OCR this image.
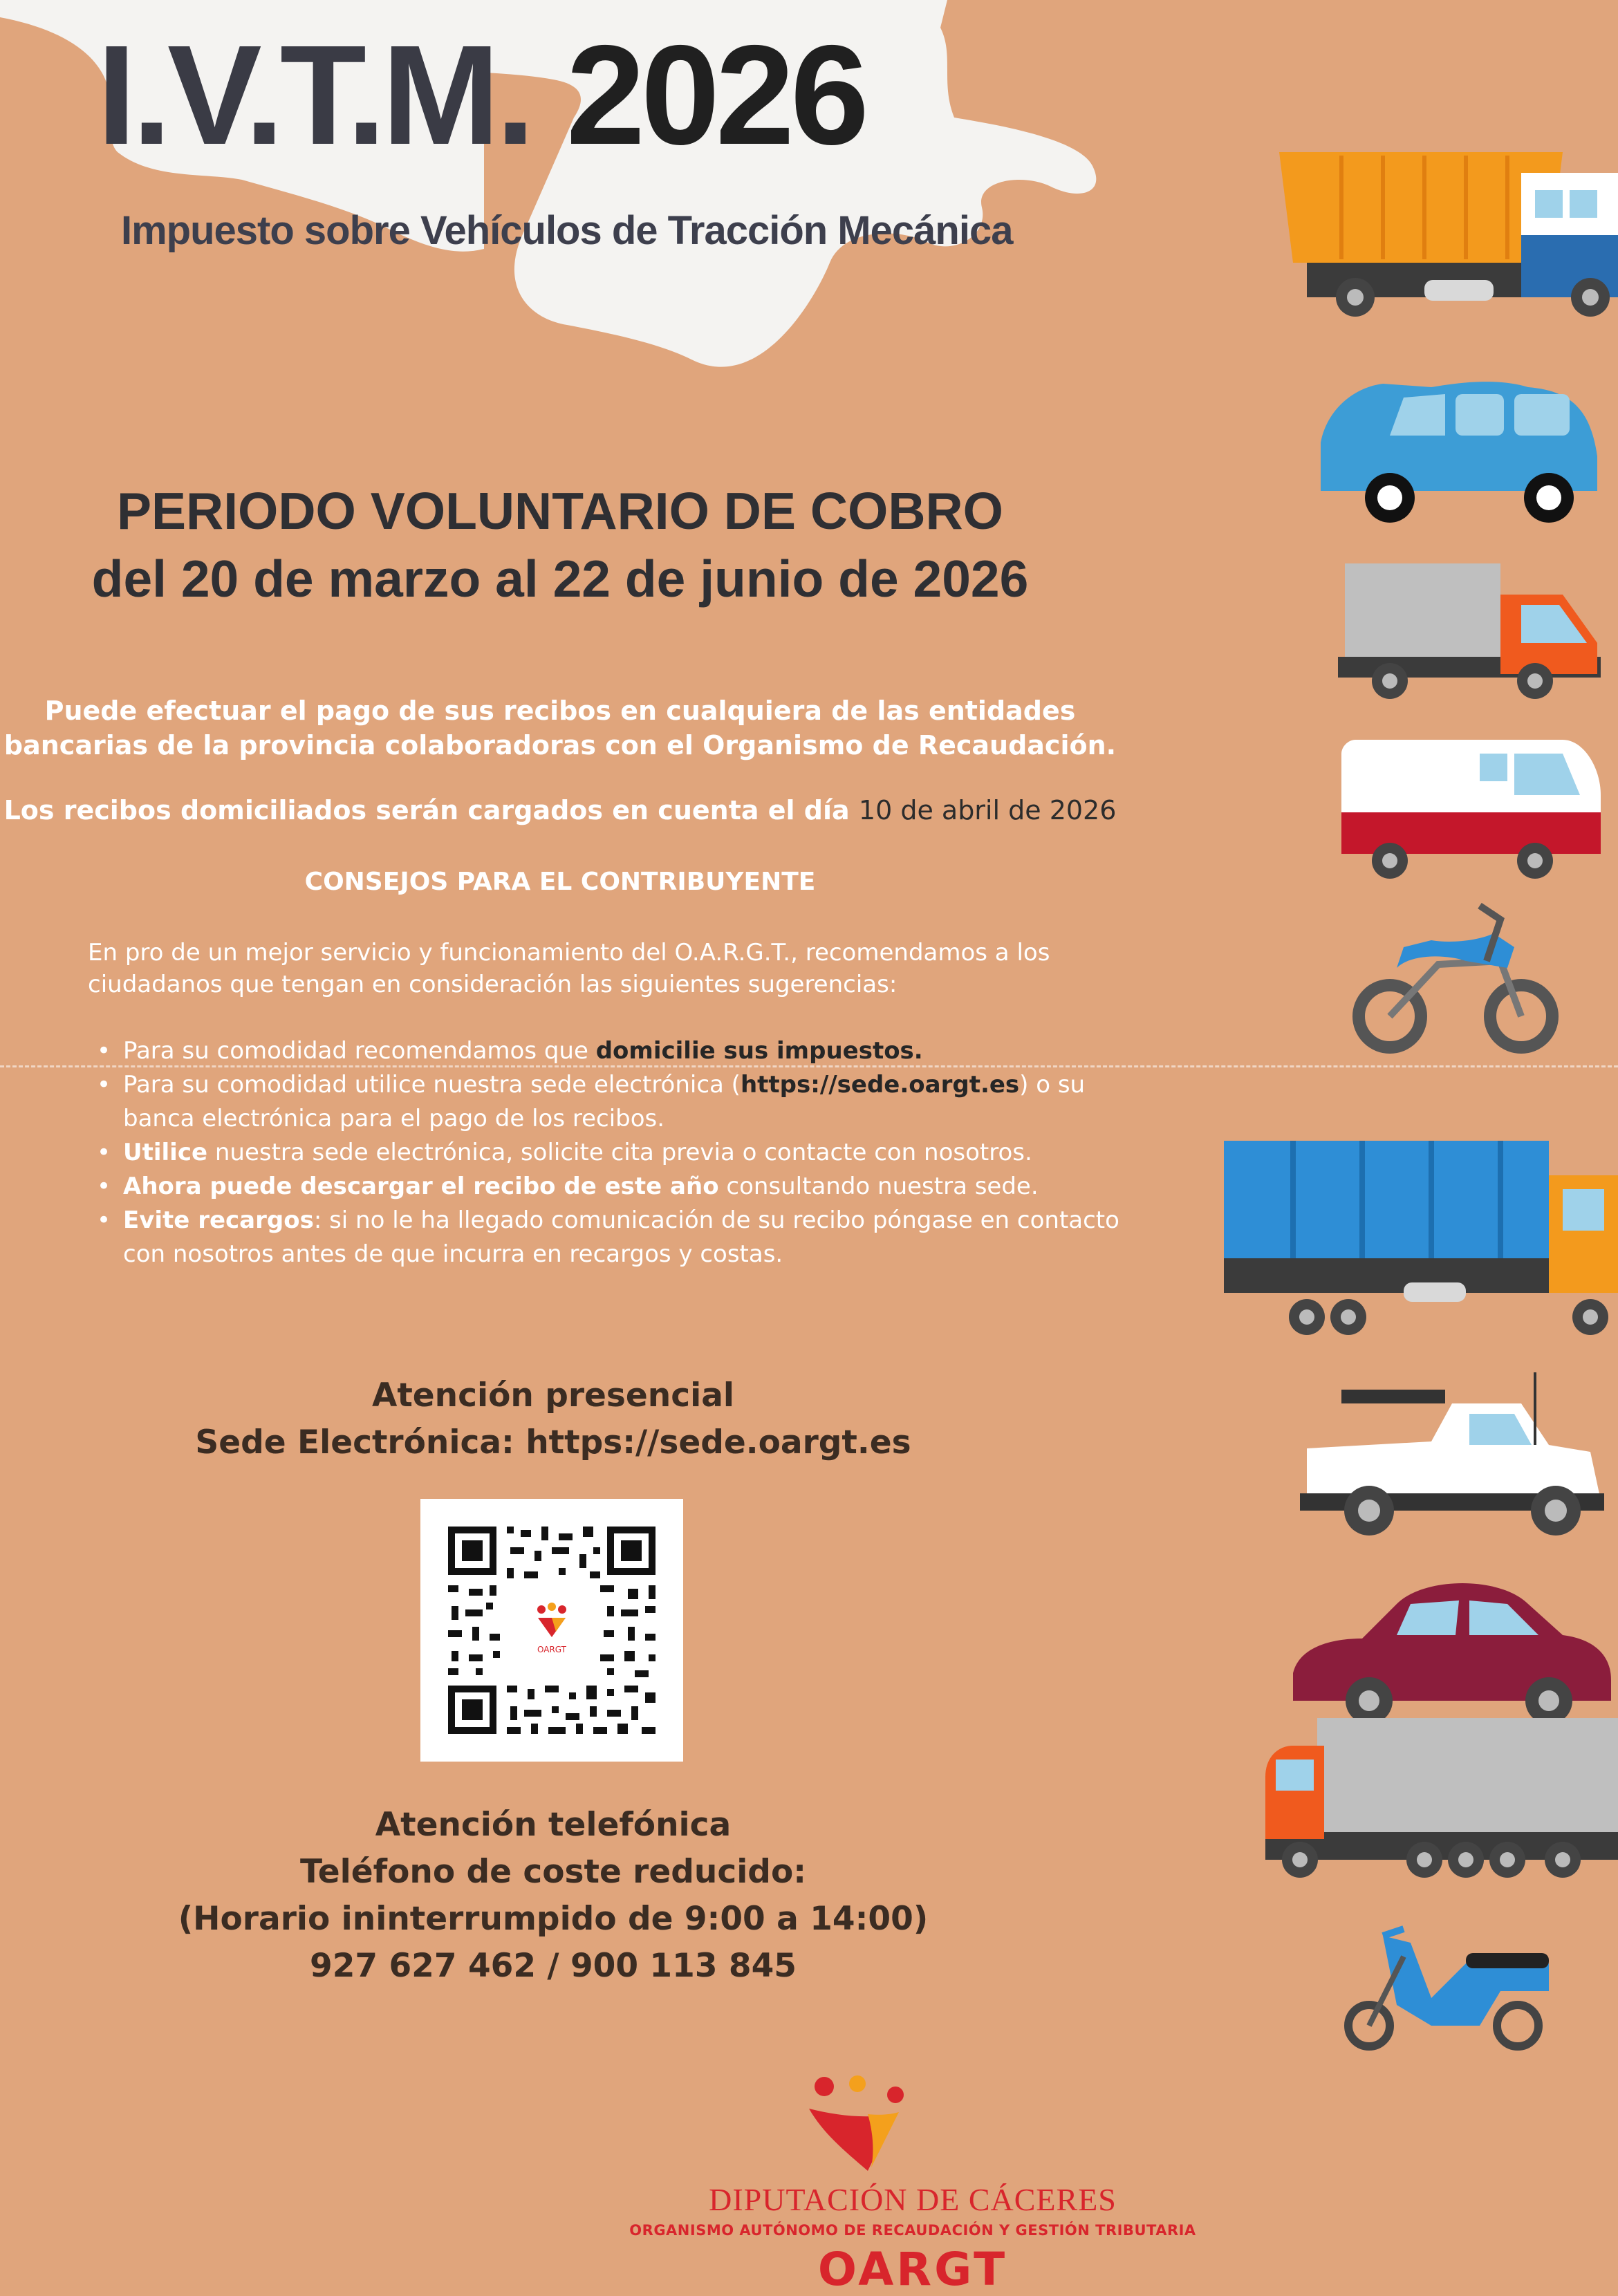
I.V.T.M. 2026

Impuesto sobre Vehículos de Tracción Mecánica

PERIODO VOLUNTARIO DE COBRO
del 20 de marzo al 22 de junio de 2026
Puede efectuar el pago de sus recibos en cualquiera de las entidades
bancarias de la provincia colaboradoras con el Organismo de Recaudación.

Los recibos domiciliados serán cargados en cuenta el día 10 de abril de 2026

CONSEJOS PARA EL CONTRIBUYENTE

En pro de un mejor servicio y funcionamiento del O.A.R.G.T., recomendamos a los
ciudadanos que tengan en consideración las siguientes sugerencias:
• Para su comodidad recomendamos que domicilie sus impuestos.
• Para su comodidad utilice nuestra sede electrónica (https://sede.oargt.es) o su
banca electrónica para el pago de los recibos.
• Utilice nuestra sede electrónica, solicite cita previa o contacte con nosotros.
• Ahora puede descargar el recibo de este año consultando nuestra sede.
• Evite recargos: si no le ha llegado comunicación de su recibo póngase en contacto
con nosotros antes de que incurra en recargos y costas.
Atención presencial
Sede Electrónica: https://sede.oargt.es
OARGT
Atención telefónica
Teléfono de coste reducido:
(Horario ininterrumpido de 9:00 a 14:00)
927 627 462 / 900 113 845

DIPUTACIÓN DE CÁCERES

ORGANISMO AUTÓNOMO DE RECAUDACIÓN Y GESTIÓN TRIBUTARIA

OARGT
